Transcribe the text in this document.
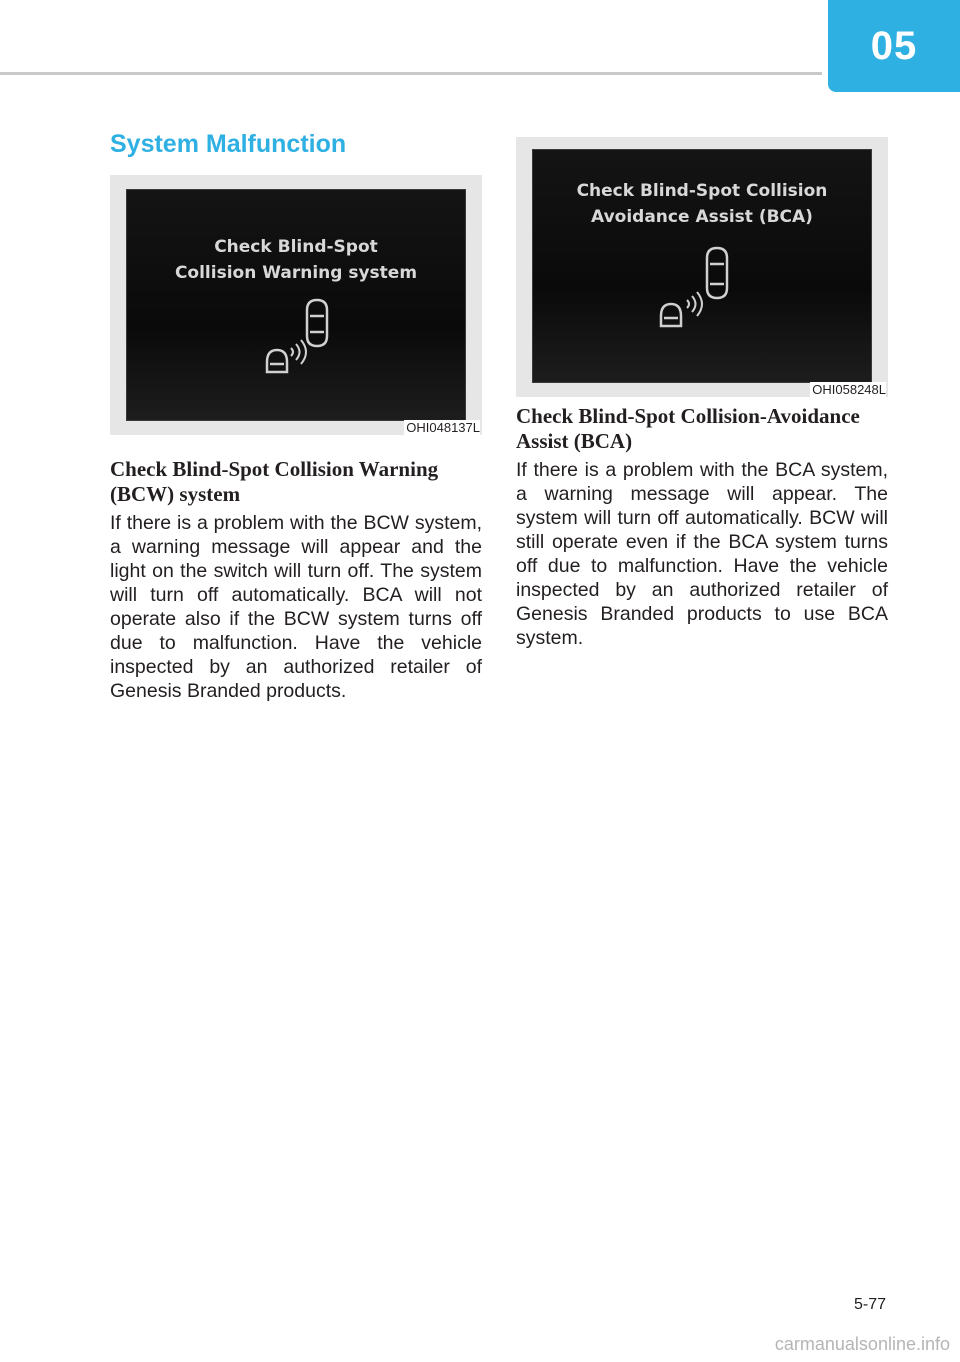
05
System Malfunction
Check Blind-Spot
Collision Warning system
OHI048137L
Check Blind-Spot Collision
Avoidance Assist (BCA)
OHI058248L
Check Blind-Spot Collision Warning (BCW) system

If there is a problem with the BCW system, a warning message will appear and the light on the switch will turn off. The system will turn off automatically. BCA will not operate also if the BCW system turns off due to malfunction. Have the vehicle inspected by an authorized retailer of Genesis Branded products.

Check Blind-Spot Collision-Avoidance Assist (BCA)

If there is a problem with the BCA system, a warning message will appear. The system will turn off automatically. BCW will still operate even if the BCA system turns off due to malfunction. Have the vehicle inspected by an authorized retailer of Genesis Branded products to use BCA system.

5-77
carmanualsonline.info
